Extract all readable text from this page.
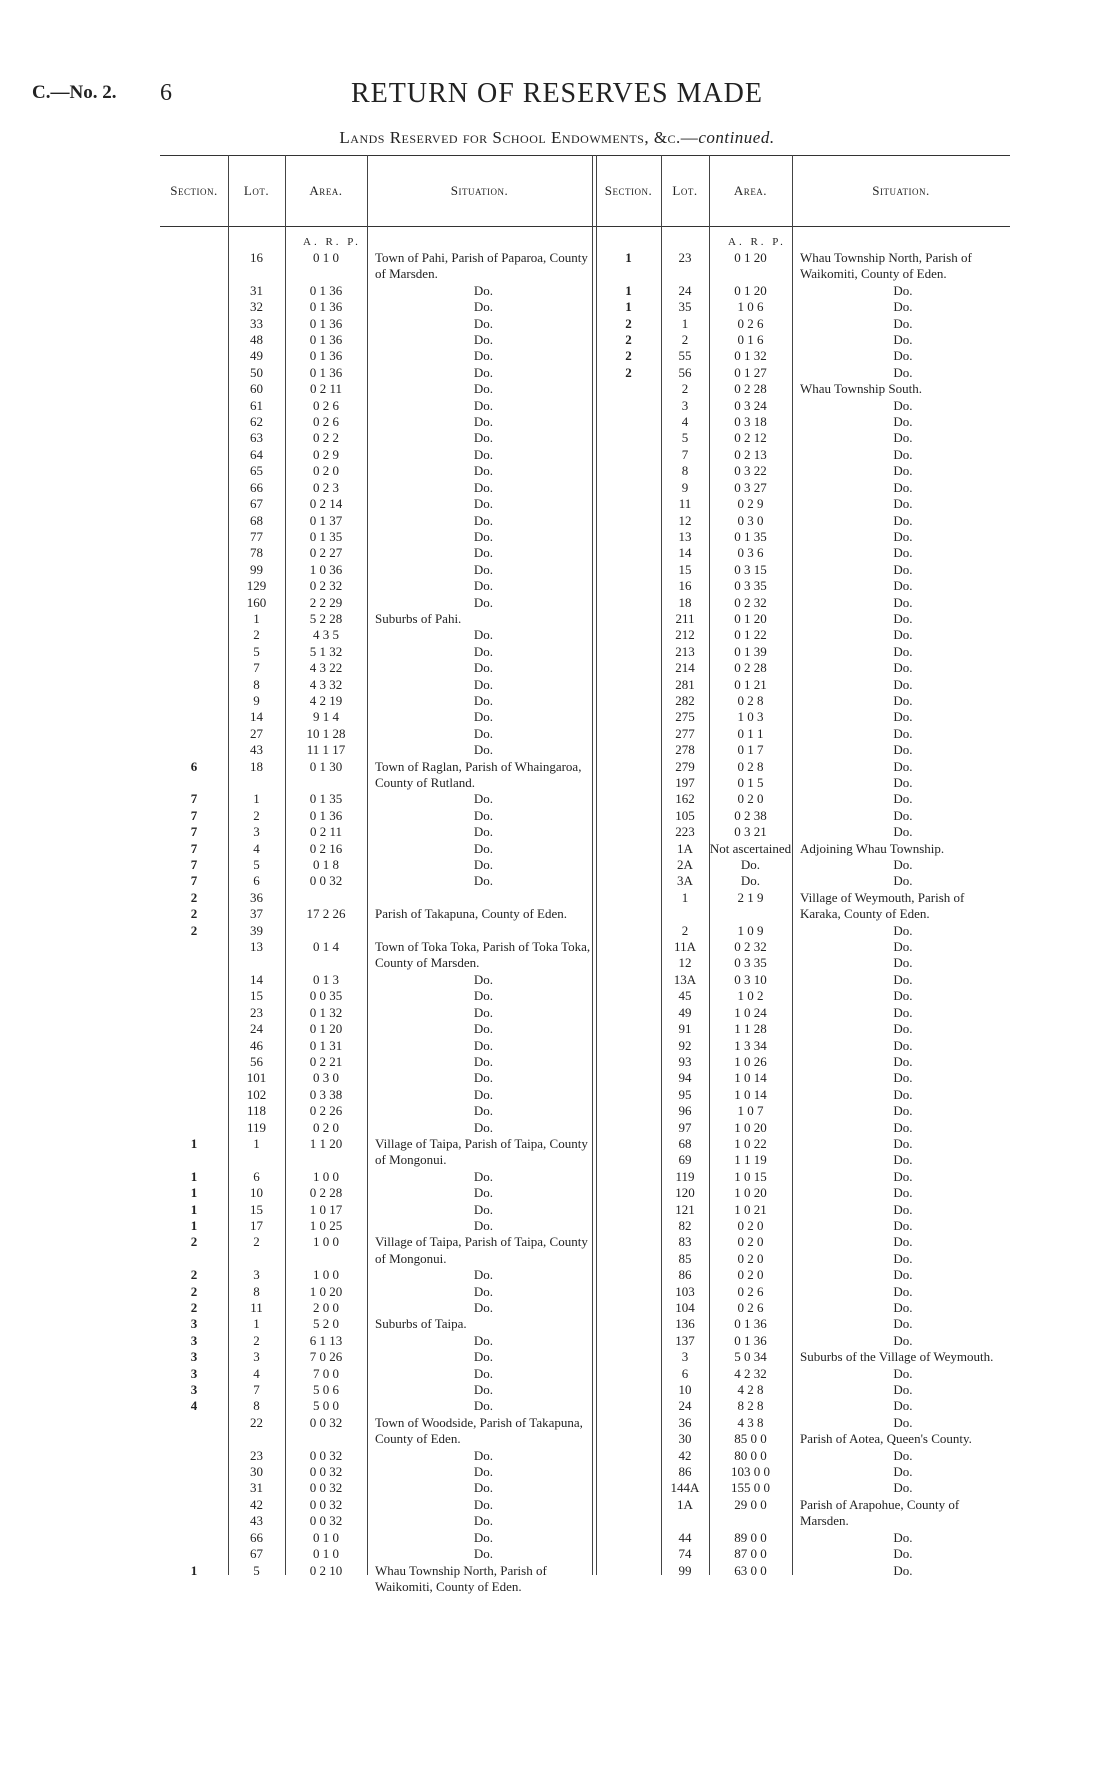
C.—No. 2. 6	RETURN OF RESERVES MADE
Lands Reserved for School Endowments, &c.—continued.
Section.	Lot.	Area.	Situation.	Section.	Lot.	Area.	Situation.
A. R. P.	A. R. P.
	16	0 1 0	Town of Pahi, Parish of Paparoa, County of Marsden.
	31	0 1 36	Do.
	32	0 1 36	Do.
	33	0 1 36	Do.
	48	0 1 36	Do.
	49	0 1 36	Do.
	50	0 1 36	Do.
	60	0 2 11	Do.
	61	0 2 6	Do.
	62	0 2 6	Do.
	63	0 2 2	Do.
	64	0 2 9	Do.
	65	0 2 0	Do.
	66	0 2 3	Do.
	67	0 2 14	Do.
	68	0 1 37	Do.
	77	0 1 35	Do.
	78	0 2 27	Do.
	99	1 0 36	Do.
	129	0 2 32	Do.
	160	2 2 29	Do.
	1	5 2 28	Suburbs of Pahi.
	2	4 3 5	Do.
	5	5 1 32	Do.
	7	4 3 22	Do.
	8	4 3 32	Do.
	9	4 2 19	Do.
	14	9 1 4	Do.
	27	10 1 28	Do.
	43	11 1 17	Do.
6	18	0 1 30	Town of Raglan, Parish of Whaingaroa, County of Rutland.
7	1	0 1 35	Do.
7	2	0 1 36	Do.
7	3	0 2 11	Do.
7	4	0 2 16	Do.
7	5	0 1 8	Do.
7	6	0 0 32	Do.
2	36		
2	37	17 2 26	Parish of Takapuna, County of Eden.
2	39		
	13	0 1 4	Town of Toka Toka, Parish of Toka Toka, County of Marsden.
	14	0 1 3	Do.
	15	0 0 35	Do.
	23	0 1 32	Do.
	24	0 1 20	Do.
	46	0 1 31	Do.
	56	0 2 21	Do.
	101	0 3 0	Do.
	102	0 3 38	Do.
	118	0 2 26	Do.
	119	0 2 0	Do.
1	1	1 1 20	Village of Taipa, Parish of Taipa, County of Mongonui.
1	6	1 0 0	Do.
1	10	0 2 28	Do.
1	15	1 0 17	Do.
1	17	1 0 25	Do.
2	2	1 0 0	Village of Taipa, Parish of Taipa, County of Mongonui.
2	3	1 0 0	Do.
2	8	1 0 20	Do.
2	11	2 0 0	Do.
3	1	5 2 0	Suburbs of Taipa.
3	2	6 1 13	Do.
3	3	7 0 26	Do.
3	4	7 0 0	Do.
3	7	5 0 6	Do.
4	8	5 0 0	Do.
	22	0 0 32	Town of Woodside, Parish of Takapuna, County of Eden.
	23	0 0 32	Do.
	30	0 0 32	Do.
	31	0 0 32	Do.
	42	0 0 32	Do.
	43	0 0 32	Do.
	66	0 1 0	Do.
	67	0 1 0	Do.
1	5	0 2 10	Whau Township North, Parish of Waikomiti, County of Eden.
1	23	0 1 20	Whau Township North, Parish of Waikomiti, County of Eden.
1	24	0 1 20	Do.
1	35	1 0 6	Do.
2	1	0 2 6	Do.
2	2	0 1 6	Do.
2	55	0 1 32	Do.
2	56	0 1 27	Do.
	2	0 2 28	Whau Township South.
	3	0 3 24	Do.
	4	0 3 18	Do.
	5	0 2 12	Do.
	7	0 2 13	Do.
	8	0 3 22	Do.
	9	0 3 27	Do.
	11	0 2 9	Do.
	12	0 3 0	Do.
	13	0 1 35	Do.
	14	0 3 6	Do.
	15	0 3 15	Do.
	16	0 3 35	Do.
	18	0 2 32	Do.
	211	0 1 20	Do.
	212	0 1 22	Do.
	213	0 1 39	Do.
	214	0 2 28	Do.
	281	0 1 21	Do.
	282	0 2 8	Do.
	275	1 0 3	Do.
	277	0 1 1	Do.
	278	0 1 7	Do.
	279	0 2 8	Do.
	197	0 1 5	Do.
	162	0 2 0	Do.
	105	0 2 38	Do.
	223	0 3 21	Do.
	1A	Not ascertained	Adjoining Whau Township.
	2A	Do.	Do.
	3A	Do.	Do.
	1	2 1 9	Village of Weymouth, Parish of Karaka, County of Eden.
	2	1 0 9	Do.
	11A	0 2 32	Do.
	12	0 3 35	Do.
	13A	0 3 10	Do.
	45	1 0 2	Do.
	49	1 0 24	Do.
	91	1 1 28	Do.
	92	1 3 34	Do.
	93	1 0 26	Do.
	94	1 0 14	Do.
	95	1 0 14	Do.
	96	1 0 7	Do.
	97	1 0 20	Do.
	68	1 0 22	Do.
	69	1 1 19	Do.
	119	1 0 15	Do.
	120	1 0 20	Do.
	121	1 0 21	Do.
	82	0 2 0	Do.
	83	0 2 0	Do.
	85	0 2 0	Do.
	86	0 2 0	Do.
	103	0 2 6	Do.
	104	0 2 6	Do.
	136	0 1 36	Do.
	137	0 1 36	Do.
	3	5 0 34	Suburbs of the Village of Weymouth.
	6	4 2 32	Do.
	10	4 2 8	Do.
	24	8 2 8	Do.
	36	4 3 8	Do.
	30	85 0 0	Parish of Aotea, Queen's County.
	42	80 0 0	Do.
	86	103 0 0	Do.
	144A	155 0 0	Do.
	1A	29 0 0	Parish of Arapohue, County of Marsden.
	44	89 0 0	Do.
	74	87 0 0	Do.
	99	63 0 0	Do.
